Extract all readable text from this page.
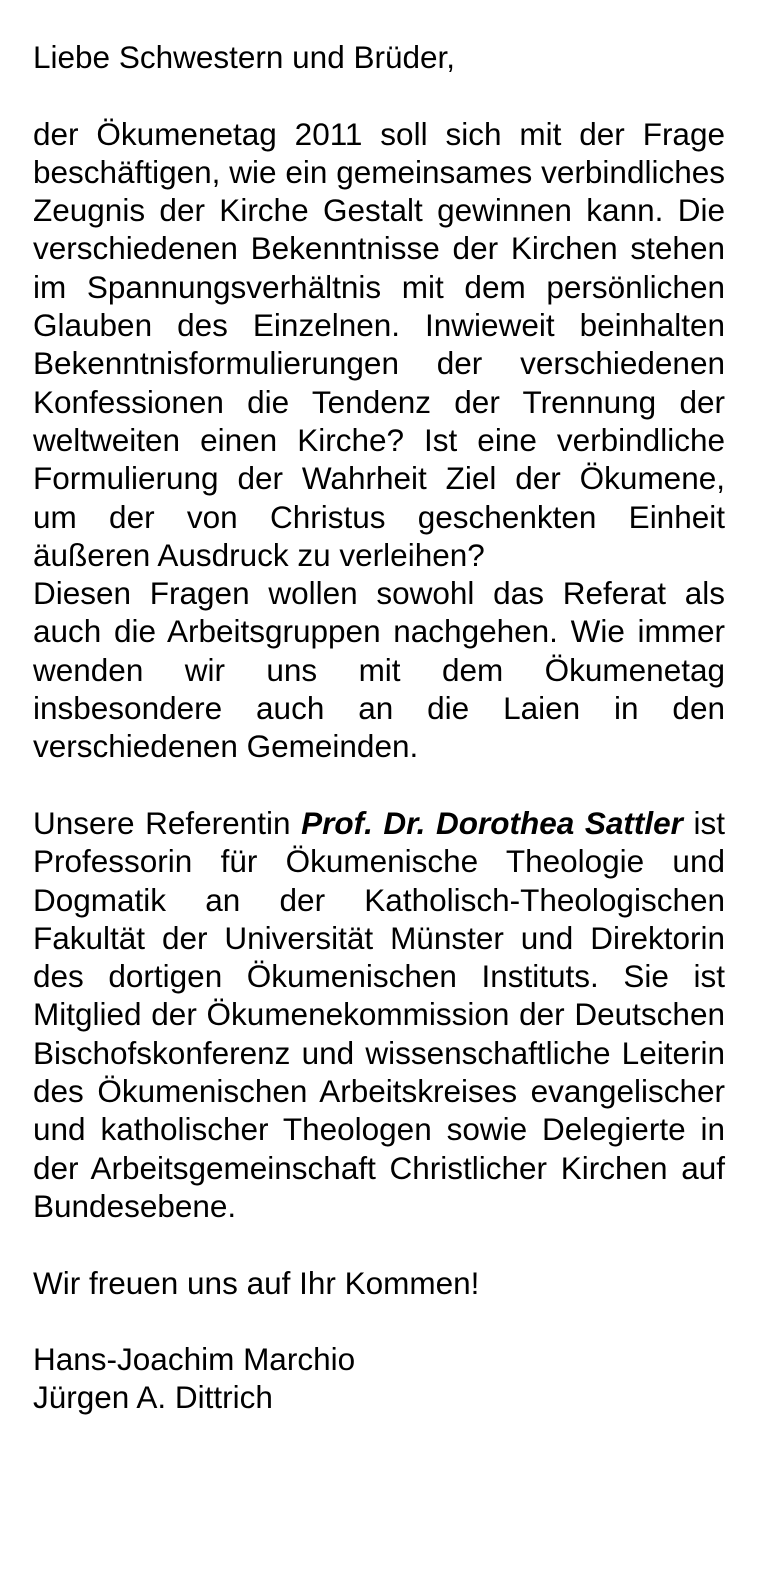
Liebe Schwestern und Brüder,

der Ökumenetag 2011 soll sich mit der Frage beschäftigen, wie ein gemeinsames verbindliches Zeugnis der Kirche Gestalt gewinnen kann. Die verschiedenen Bekenntnisse der Kirchen stehen im Spannungsverhältnis mit dem persönlichen Glauben des Einzelnen. Inwieweit beinhalten Bekenntnisformulierungen der verschiedenen Konfessionen die Tendenz der Trennung der weltweiten einen Kirche? Ist eine verbindliche Formulierung der Wahrheit Ziel der Ökumene, um der von Christus geschenkten Einheit äußeren Ausdruck zu verleihen?

Diesen Fragen wollen sowohl das Referat als auch die Arbeitsgruppen nachgehen. Wie immer wenden wir uns mit dem Ökumenetag insbesondere auch an die Laien in den verschiedenen Gemeinden.

Unsere Referentin Prof. Dr. Dorothea Sattler ist Professorin für Ökumenische Theologie und Dogmatik an der Katholisch-Theologischen Fakultät der Universität Münster und Direktorin des dortigen Ökumenischen Instituts. Sie ist Mitglied der Ökumenekommission der Deutschen Bischofskonferenz und wissenschaftliche Leiterin des Ökumenischen Arbeitskreises evangelischer und katholischer Theologen sowie Delegierte in der Arbeitsgemeinschaft Christlicher Kirchen auf Bundesebene.

Wir freuen uns auf Ihr Kommen!

Hans-Joachim Marchio
Jürgen A. Dittrich
